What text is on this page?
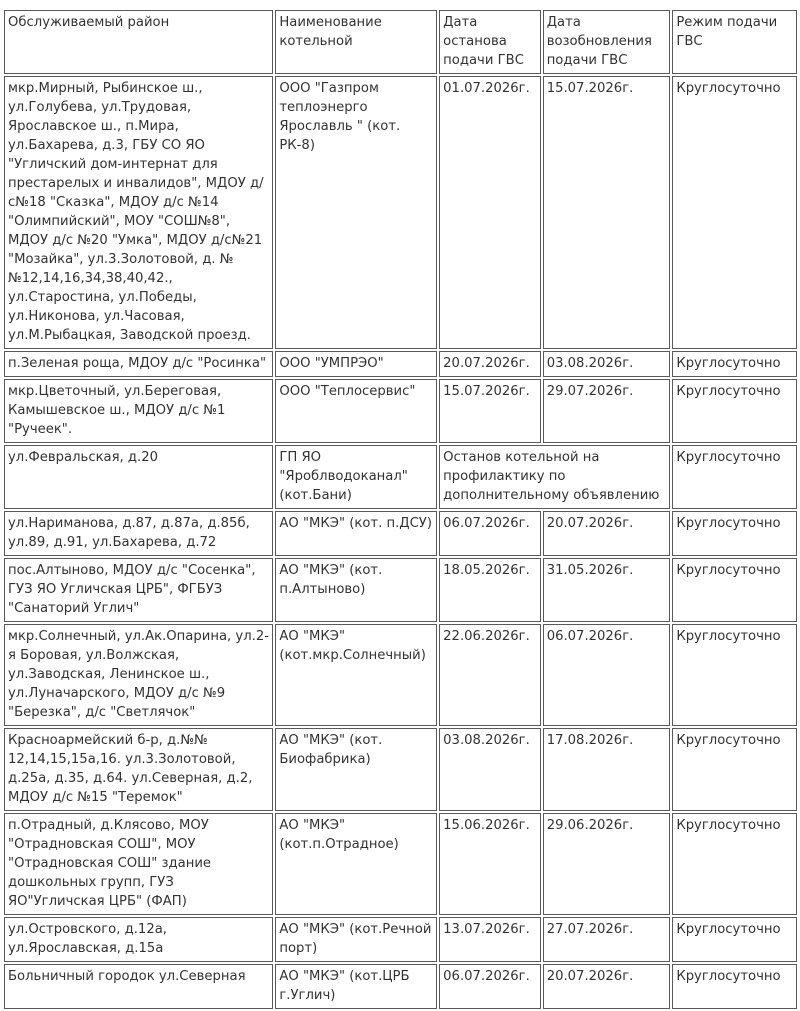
Обслуживаемый район	Наименование котельной	Дата останова подачи ГВС	Дата возобновления подачи ГВС	Режим подачи ГВС
мкр.Мирный, Рыбинское ш., ул.Голубева, ул.Трудовая, Ярославское ш., п.Мира, ул.Бахарева, д.3, ГБУ СО ЯО "Угличский дом-интернат для престарелых и инвалидов", МДОУ д/с№18 "Сказка", МДОУ д/с №14 "Олимпийский", МОУ "СОШ№8", МДОУ д/с №20 "Умка", МДОУ д/с№21 "Мозайка", ул.3.Золотовой, д. №№12,14,16,34,38,40,42., ул.Старостина, ул.Победы, ул.Никонова, ул.Часовая, ул.М.Рыбацкая, Заводской проезд.	ООО "Газпром теплоэнерго Ярославль " (кот. РК-8)	01.07.2026г.	15.07.2026г.	Круглосуточно
п.Зеленая роща, МДОУ д/с "Росинка"	ООО "УМПРЭО"	20.07.2026г.	03.08.2026г.	Круглосуточно
мкр.Цветочный, ул.Береговая, Камышевское ш., МДОУ д/с №1 "Ручеек".	ООО "Теплосервис"	15.07.2026г.	29.07.2026г.	Круглосуточно
ул.Февральская, д.20	ГП ЯО "Яроблводоканал" (кот.Бани)	Останов котельной на профилактику по дополнительному объявлению		Круглосуточно
ул.Нариманова, д.87, д.87а, д.85б, ул.89, д.91, ул.Бахарева, д.72	АО "МКЭ" (кот. п.ДСУ)	06.07.2026г.	20.07.2026г.	Круглосуточно
пос.Алтыново, МДОУ д/с "Сосенка", ГУЗ ЯО Угличская ЦРБ", ФГБУЗ "Санаторий Углич"	АО "МКЭ" (кот. п.Алтыново)	18.05.2026г.	31.05.2026г.	Круглосуточно
мкр.Солнечный, ул.Ак.Опарина, ул.2-я Боровая, ул.Волжская, ул.Заводская, Ленинское ш., ул.Луначарского, МДОУ д/с №9 "Березка", д/с "Светлячок"	АО "МКЭ" (кот.мкр.Солнечный)	22.06.2026г.	06.07.2026г.	Круглосуточно
Красноармейский б-р, д.№№ 12,14,15,15а,16. ул.3.Золотовой, д.25а, д.35, д.64. ул.Северная, д.2, МДОУ д/с №15 "Теремок"	АО "МКЭ" (кот. Биофабрика)	03.08.2026г.	17.08.2026г.	Круглосуточно
п.Отрадный, д.Клясово, МОУ "Отрадновская СОШ", МОУ "Отрадновская СОШ" здание дошкольных групп, ГУЗ ЯО"Угличская ЦРБ" (ФАП)	АО "МКЭ" (кот.п.Отрадное)	15.06.2026г.	29.06.2026г.	Круглосуточно
ул.Островского, д.12а, ул.Ярославская, д.15а	АО "МКЭ" (кот.Речной порт)	13.07.2026г.	27.07.2026г.	Круглосуточно
Больничный городок ул.Северная	АО "МКЭ" (кот.ЦРБ г.Углич)	06.07.2026г.	20.07.2026г.	Круглосуточно
